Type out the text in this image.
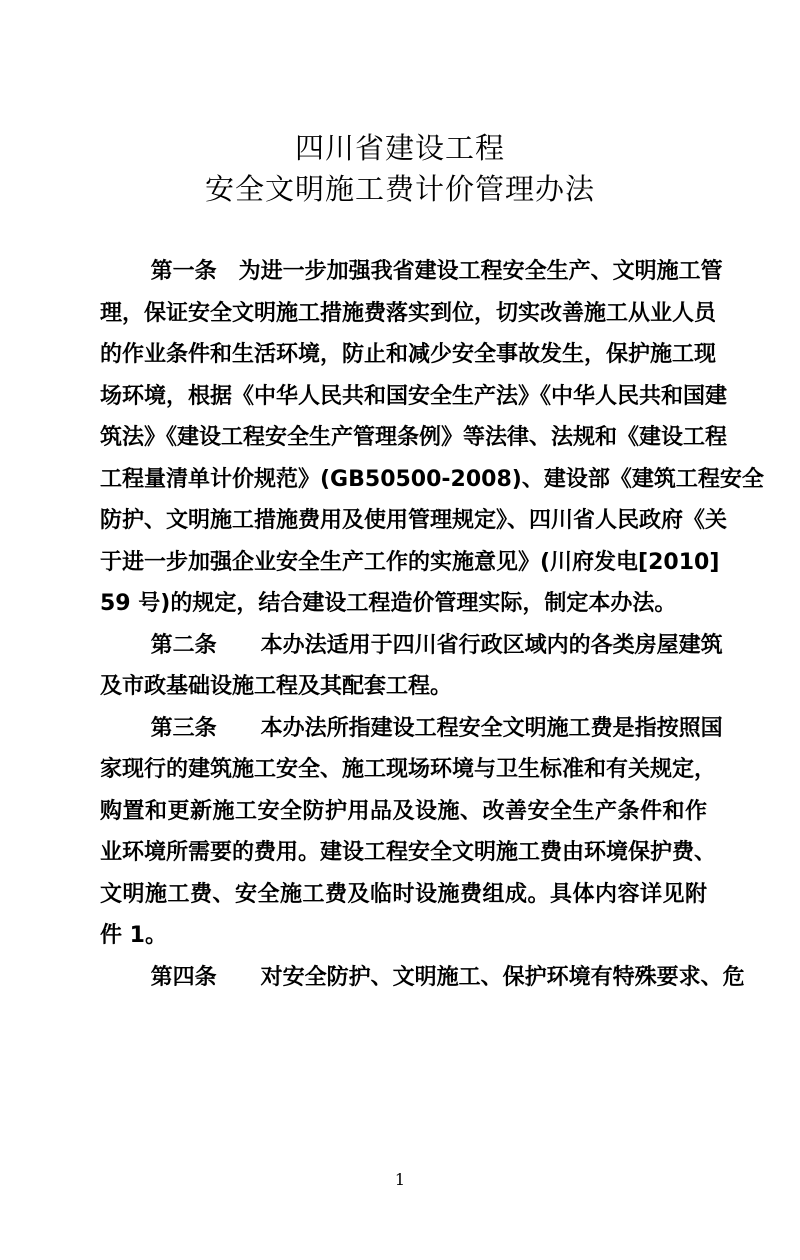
四川省建设工程
安全文明施工费计价管理办法
第一条　为进一步加强我省建设工程安全生产、文明施工管
理，保证安全文明施工措施费落实到位，切实改善施工从业人员
的作业条件和生活环境，防止和减少安全事故发生，保护施工现
场环境，根据《中华人民共和国安全生产法》《中华人民共和国建
筑法》《建设工程安全生产管理条例》等法律、法规和《建设工程
工程量清单计价规范》(GB50500-2008)、建设部《建筑工程安全
防护、文明施工措施费用及使用管理规定》、四川省人民政府《关
于进一步加强企业安全生产工作的实施意见》(川府发电[2010]
59 号)的规定，结合建设工程造价管理实际，制定本办法。
第二条　　本办法适用于四川省行政区域内的各类房屋建筑
及市政基础设施工程及其配套工程。
第三条　　本办法所指建设工程安全文明施工费是指按照国
家现行的建筑施工安全、施工现场环境与卫生标准和有关规定，
购置和更新施工安全防护用品及设施、改善安全生产条件和作
业环境所需要的费用。建设工程安全文明施工费由环境保护费、
文明施工费、安全施工费及临时设施费组成。具体内容详见附
件 1。
第四条　　对安全防护、文明施工、保护环境有特殊要求、危
1
